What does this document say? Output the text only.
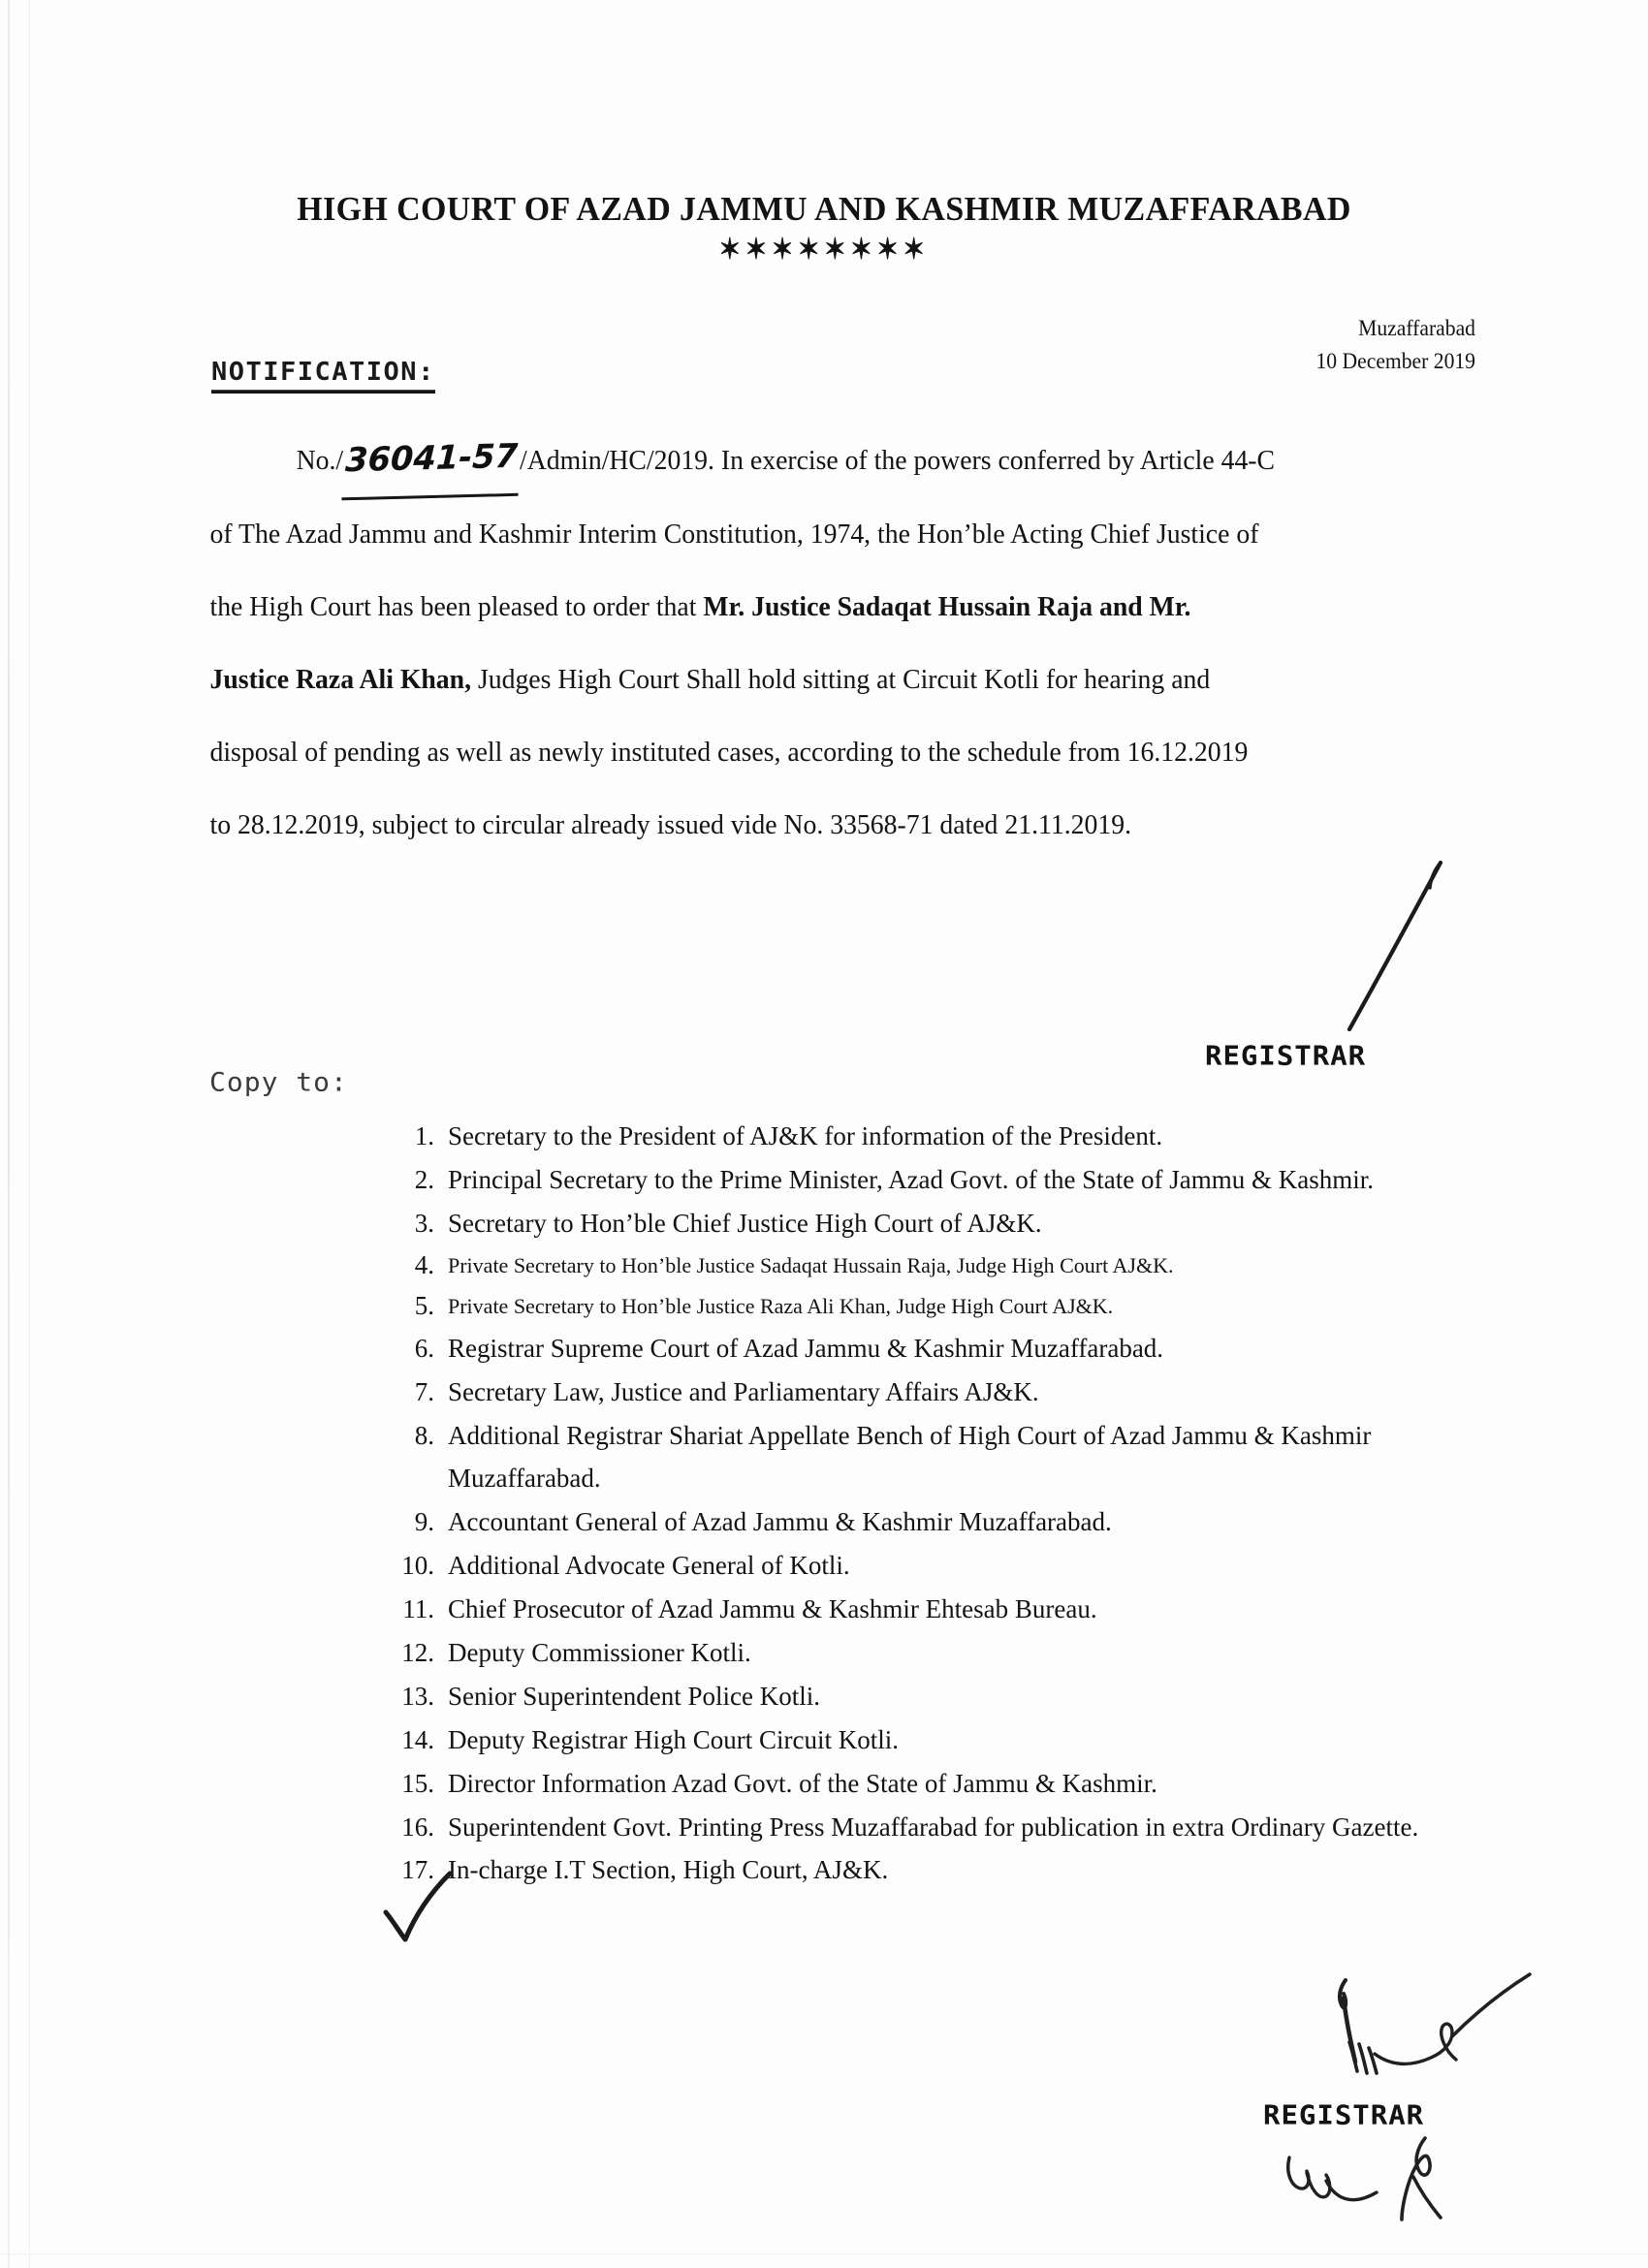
HIGH COURT OF AZAD JAMMU AND KASHMIR MUZAFFARABAD
✶✶✶✶✶✶✶✶
Muzaffarabad
10 December 2019
NOTIFICATION:
No./36041-57/Admin/HC/2019. In exercise of the powers conferred by Article 44-C
of The Azad Jammu and Kashmir Interim Constitution, 1974, the Hon’ble Acting Chief Justice of
the High Court has been pleased to order that Mr. Justice Sadaqat Hussain Raja and Mr.
Justice Raza Ali Khan, Judges High Court Shall hold sitting at Circuit Kotli for hearing and
disposal of pending as well as newly instituted cases, according to the schedule from 16.12.2019
to 28.12.2019, subject to circular already issued vide No. 33568-71 dated 21.11.2019.
REGISTRAR
Copy to:
1. Secretary to the President of AJ&K for information of the President.
2. Principal Secretary to the Prime Minister, Azad Govt. of the State of Jammu & Kashmir.
3. Secretary to Hon’ble Chief Justice High Court of AJ&K.
4. Private Secretary to Hon’ble Justice Sadaqat Hussain Raja, Judge High Court AJ&K.
5. Private Secretary to Hon’ble Justice Raza Ali Khan, Judge High Court AJ&K.
6. Registrar Supreme Court of Azad Jammu & Kashmir Muzaffarabad.
7. Secretary Law, Justice and Parliamentary Affairs AJ&K.
8. Additional Registrar Shariat Appellate Bench of High Court of Azad Jammu & Kashmir Muzaffarabad.
9. Accountant General of Azad Jammu & Kashmir Muzaffarabad.
10. Additional Advocate General of Kotli.
11. Chief Prosecutor of Azad Jammu & Kashmir Ehtesab Bureau.
12. Deputy Commissioner Kotli.
13. Senior Superintendent Police Kotli.
14. Deputy Registrar High Court Circuit Kotli.
15. Director Information Azad Govt. of the State of Jammu & Kashmir.
16. Superintendent Govt. Printing Press Muzaffarabad for publication in extra Ordinary Gazette.
17. In-charge I.T Section, High Court, AJ&K.
REGISTRAR
